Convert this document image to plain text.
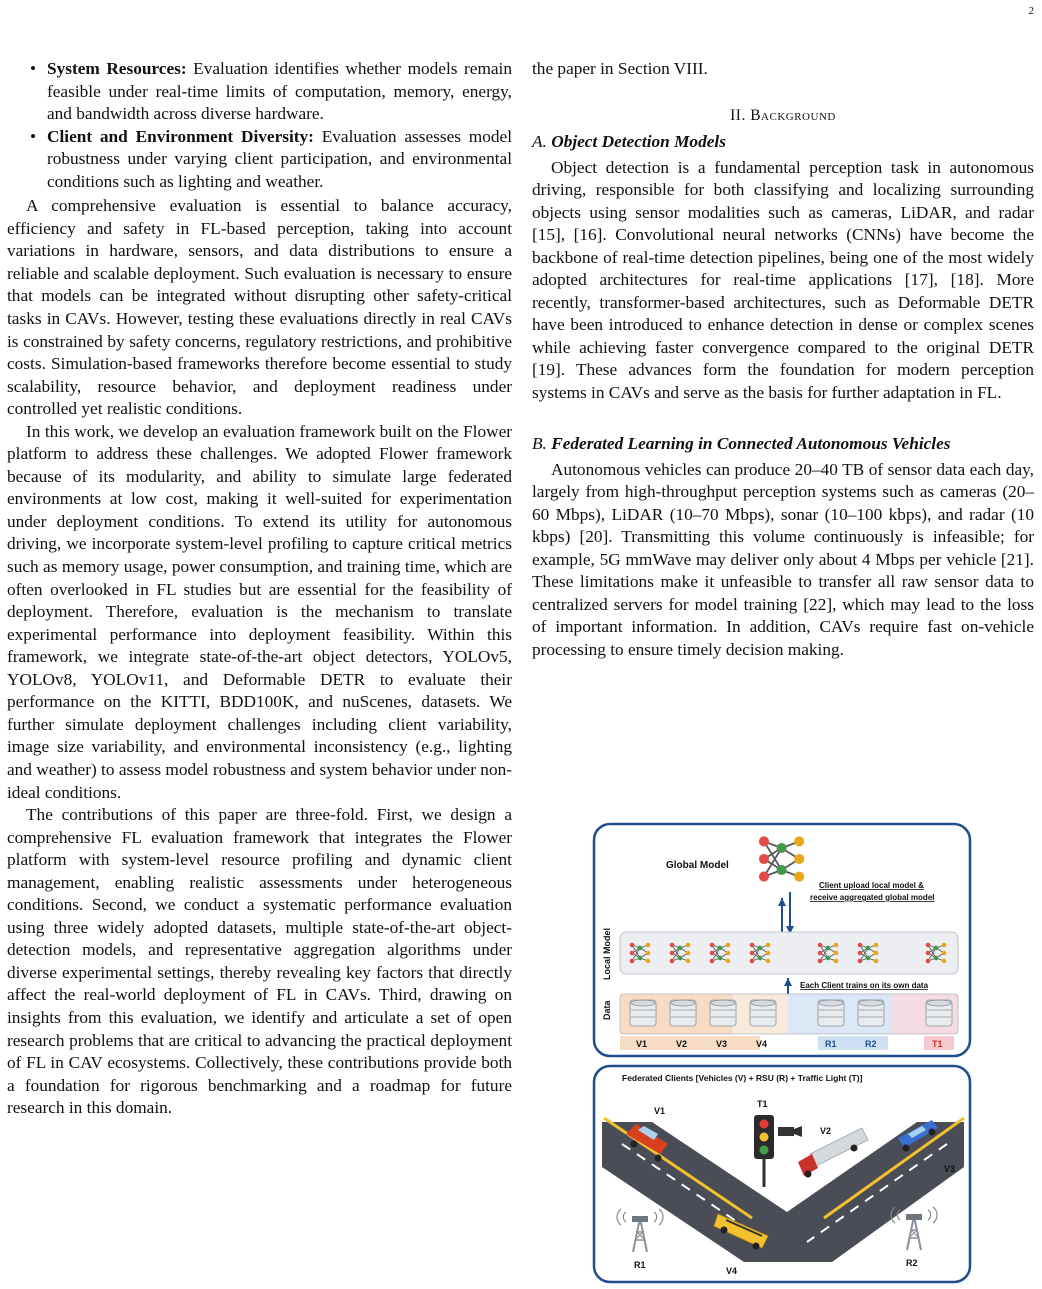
2
• System Resources: Evaluation identifies whether models remain feasible under real-time limits of computation, memory, energy, and bandwidth across diverse hardware.
• Client and Environment Diversity: Evaluation assesses model robustness under varying client participation, and environmental conditions such as lighting and weather.

A comprehensive evaluation is essential to balance accuracy, efficiency and safety in FL-based perception, taking into account variations in hardware, sensors, and data distributions to ensure a reliable and scalable deployment. Such evaluation is necessary to ensure that models can be integrated without disrupting other safety-critical tasks in CAVs. However, testing these evaluations directly in real CAVs is constrained by safety concerns, regulatory restrictions, and prohibitive costs. Simulation-based frameworks therefore become essential to study scalability, resource behavior, and deployment readiness under controlled yet realistic conditions.

In this work, we develop an evaluation framework built on the Flower platform to address these challenges. We adopted Flower framework because of its modularity, and ability to simulate large federated environments at low cost, making it well-suited for experimentation under deployment conditions. To extend its utility for autonomous driving, we incorporate system-level profiling to capture critical metrics such as memory usage, power consumption, and training time, which are often overlooked in FL studies but are essential for the feasibility of deployment. Therefore, evaluation is the mechanism to translate experimental performance into deployment feasibility. Within this framework, we integrate state-of-the-art object detectors, YOLOv5, YOLOv8, YOLOv11, and Deformable DETR to evaluate their performance on the KITTI, BDD100K, and nuScenes, datasets. We further simulate deployment challenges including client variability, image size variability, and environmental inconsistency (e.g., lighting and weather) to assess model robustness and system behavior under non-ideal conditions.

The contributions of this paper are three-fold. First, we design a comprehensive FL evaluation framework that integrates the Flower platform with system-level resource profiling and dynamic client management, enabling realistic assessments under heterogeneous conditions. Second, we conduct a systematic performance evaluation using three widely adopted datasets, multiple state-of-the-art object-detection models, and representative aggregation algorithms under diverse experimental settings, thereby revealing key factors that directly affect the real-world deployment of FL in CAVs. Third, drawing on insights from this evaluation, we identify and articulate a set of open research problems that are critical to advancing the practical deployment of FL in CAV ecosystems. Collectively, these contributions provide both a foundation for rigorous benchmarking and a roadmap for future research in this domain.

the paper in Section VIII.

II. Background
A. Object Detection Models

Object detection is a fundamental perception task in autonomous driving, responsible for both classifying and localizing surrounding objects using sensor modalities such as cameras, LiDAR, and radar [15], [16]. Convolutional neural networks (CNNs) have become the backbone of real-time detection pipelines, being one of the most widely adopted architectures for real-time applications [17], [18]. More recently, transformer-based architectures, such as Deformable DETR have been introduced to enhance detection in dense or complex scenes while achieving faster convergence compared to the original DETR [19]. These advances form the foundation for modern perception systems in CAVs and serve as the basis for further adaptation in FL.

B. Federated Learning in Connected Autonomous Vehicles

Autonomous vehicles can produce 20–40 TB of sensor data each day, largely from high-throughput perception systems such as cameras (20–60 Mbps), LiDAR (10–70 Mbps), sonar (10–100 kbps), and radar (10 kbps) [20]. Transmitting this volume continuously is infeasible; for example, 5G mmWave may deliver only about 4 Mbps per vehicle [21]. These limitations make it unfeasible to transfer all raw sensor data to centralized servers for model training [22], which may lead to the loss of important information. In addition, CAVs require fast on-vehicle processing to ensure timely decision making.

Global Model
Client upload local model &
receive aggregated global model
Local Model
Each Client trains on its own data
Data
V1	V2	V3	V4	R1	R2	T1
Federated Clients [Vehicles (V) + RSU (R) + Traffic Light (T)]
V1
T1
V2
V3
V4
R1	R2
